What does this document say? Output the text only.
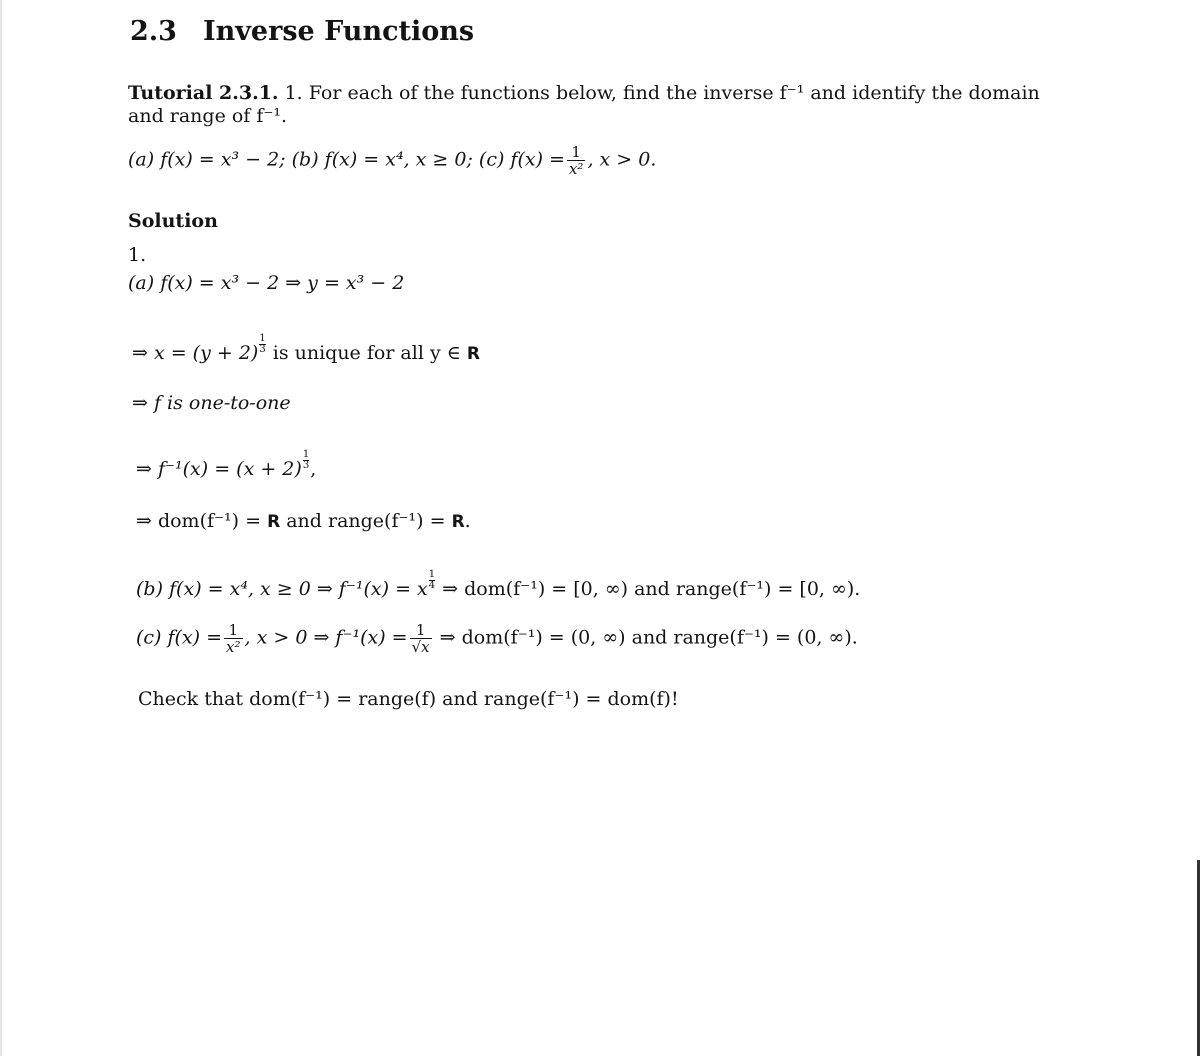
2.3 Inverse Functions
Tutorial 2.3.1. 1. For each of the functions below, find the inverse f⁻¹ and identify the domain and range of f⁻¹.
(a) f(x) = x³ − 2; (b) f(x) = x⁴, x ≥ 0; (c) $f(x) = \frac{1}{\text{x²}}$ , x > 0.
Solution
1.
(a) f(x) = x³ − 2 ⇒ y = x³ − 2
⇒ $x = (y + 2) \frac{1}{3}$ is unique for all y ∈ R
⇒ f is one-to-one
⇒ $f^{-1}(x) = (x + 2) \frac{1}{3}$ ,
⇒ dom(f⁻¹) = R and range(f⁻¹) = R.
(b) f(x) = x⁴, x ≥ 0 ⇒ f⁻¹(x) = x $\frac{1}{4}$ ⇒ dom(f⁻¹) = [0, ∞) and range(f⁻¹) = [0, ∞).
(c) $f(x) = \frac{1}{\text{x²}}$ , x > 0 ⇒ $f^{-1}(x) = \frac{1}{√x}$ ⇒ dom(f⁻¹) = (0, ∞) and range(f⁻¹) = (0, ∞).
Check that dom(f⁻¹) = range(f) and range(f⁻¹) = dom(f)!
